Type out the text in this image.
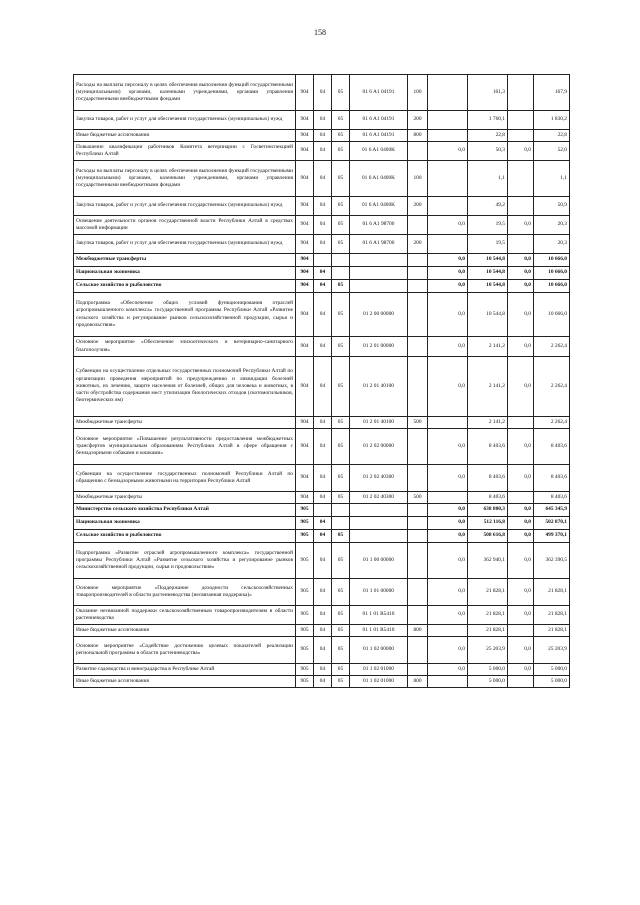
158
Расходы на выплаты персоналу в целях обеспечения выполнения функций государственными (муниципальными) органами, казенными учреждениями, органами управления государственными внебюджетными фондами	904	04	05	01 6 A1 04191	100		161,3		167,9
Закупка товаров, работ и услуг для обеспечения государственных (муниципальных) нужд	904	04	05	01 6 A1 04191	200		1 760,1		1 830,2
Иные бюджетные ассигнования	904	04	05	01 6 A1 04191	800		22,8		22,8
Повышение квалификации работников Комитета ветеринарии с Госветинспекцией Республики Алтай	904	04	05	01 6 A1 0400K		0,0	50,3	0,0	52,0
Расходы на выплаты персоналу в целях обеспечения выполнения функций государственными (муниципальными) органами, казенными учреждениями, органами управления государственными внебюджетными фондами	904	04	05	01 6 A1 0400K	100		1,1		1,1
Закупка товаров, работ и услуг для обеспечения государственных (муниципальных) нужд	904	04	05	01 6 A1 0400K	200		49,2		50,9
Освещение деятельности органов государственной власти Республики Алтай в средствах массовой информации	904	04	05	01 6 A1 98700		0,0	19,5	0,0	20,3
Закупка товаров, работ и услуг для обеспечения государственных (муниципальных) нужд	904	04	05	01 6 A1 98700	200		19,5		20,3
Межбюджетные трансферты	904					0,0	10 544,8	0,0	10 666,0
Национальная экономика	904	04				0,0	10 544,8	0,0	10 666,0
Сельское хозяйство и рыболовство	904	04	05			0,0	10 544,8	0,0	10 666,0
Подпрограмма «Обеспечение общих условий функционирования отраслей агропромышленного комплекса» государственной программы Республики Алтай «Развитие сельского хозяйства и регулирование рынков сельскохозяйственной продукции, сырья и продовольствия»	904	04	05	01 2 00 00000		0,0	10 544,8	0,0	10 666,0
Основное мероприятие «Обеспечение эпизоотического и ветеринарно-санитарного благополучия»	904	04	05	01 2 01 00000		0,0	2 141,2	0,0	2 262,4
Субвенции на осуществление отдельных государственных полномочий Республики Алтай по организации проведения мероприятий по предупреждению и ликвидации болезней животных, их лечению, защите населения от болезней, общих для человека и животных, в части обустройства содержания мест утилизации биологических отходов (скотомогильников, биотермических ям)	904	04	05	01 2 01 40100		0,0	2 141,2	0,0	2 262,4
Межбюджетные трансферты	904	04	05	01 2 01 40100	500		2 141,2		2 262,4
Основное мероприятие «Повышение результативности предоставления межбюджетных трансфертов муниципальным образованиям Республики Алтай в сфере обращения с безнадзорными собаками и кошками»	904	04	05	01 2 02 00000		0,0	8 403,6	0,0	8 403,6
Субвенции на осуществление государственных полномочий Республики Алтай по обращению с безнадзорными животными на территории Республики Алтай	904	04	05	01 2 02 40300		0,0	8 403,6	0,0	8 403,6
Межбюджетные трансферты	904	04	05	01 2 02 40300	500		8 403,6		8 403,6
Министерство сельского хозяйства Республики Алтай	905					0,0	638 800,3	0,0	645 345,9
Национальная экономика	905	04				0,0	512 116,8	0,0	502 870,1
Сельское хозяйство и рыболовство	905	04	05			0,0	508 616,8	0,0	499 370,1
Подпрограмма «Развитие отраслей агропромышленного комплекса» государственной программы Республики Алтай «Развитие сельского хозяйства и регулирование рынков сельскохозяйственной продукции, сырья и продовольствия»	905	04	05	01 1 00 00000		0,0	362 940,1	0,0	362 390,5
Основное мероприятие «Поддержание доходности сельскохозяйственных товаропроизводителей в области растениеводства (несвязанная поддержка)»	905	04	05	01 1 01 00000		0,0	21 828,1	0,0	21 828,1
Оказание несвязанной поддержки сельскохозяйственным товаропроизводителям в области растениеводства	905	04	05	01 1 01 R5410		0,0	21 828,1	0,0	21 828,1
Иные бюджетные ассигнования	905	04	05	01 1 01 R5410	800		21 828,1		21 828,1
Основное мероприятие «Содействие достижению целевых показателей реализации региональной программы в области растениеводства»	905	04	05	01 1 02 00000		0,0	25 203,9	0,0	25 203,9
Развитие садоводства и виноградарства в Республике Алтай	905	04	05	01 1 02 01000		0,0	5 000,0	0,0	5 000,0
Иные бюджетные ассигнования	905	04	05	01 1 02 01000	800		5 000,0		5 000,0
